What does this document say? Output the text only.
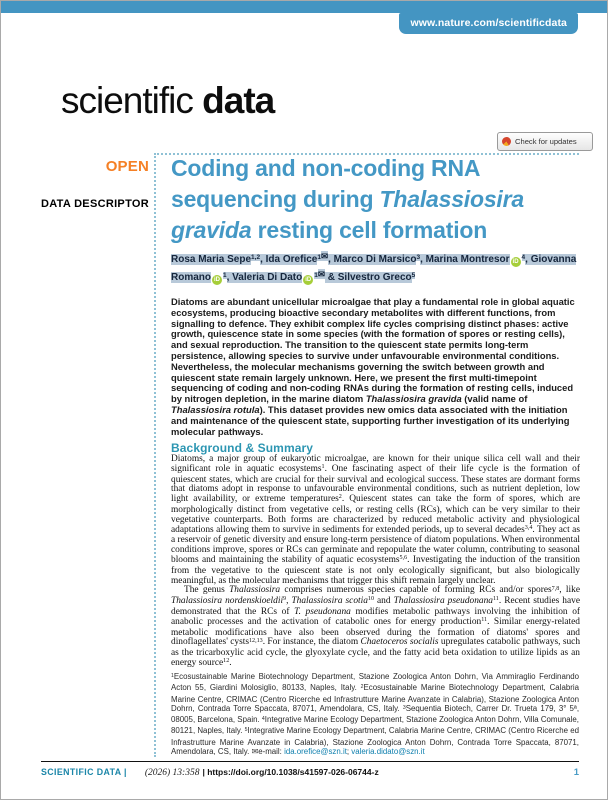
www.nature.com/scientificdata
scientific data
Check for updates
OPEN
DATA DESCRIPTOR
Coding and non-coding RNA sequencing during Thalassiosira gravida resting cell formation
Rosa Maria Sepe$^{1,2}$, Ida Orefice$^{1✉}$, Marco Di Marsico$^3$, Marina Montresor $iD^4$, Giovanna Romano $iD^1$, Valeria Di Dato $iD^{1✉}$ & Silvestro Greco$^5$
Diatoms are abundant unicellular microalgae that play a fundamental role in global aquatic ecosystems, producing bioactive secondary metabolites with different functions, from signalling to defence. They exhibit complex life cycles comprising distinct phases: active growth, quiescence state in some species (with the formation of spores or resting cells), and sexual reproduction. The transition to the quiescent state permits long-term persistence, allowing species to survive under unfavourable environmental conditions. Nevertheless, the molecular mechanisms governing the switch between growth and quiescent state remain largely unknown. Here, we present the first multi-timepoint sequencing of coding and non-coding RNAs during the formation of resting cells, induced by nitrogen depletion, in the marine diatom Thalassiosira gravida (valid name of Thalassiosira rotula). This dataset provides new omics data associated with the initiation and maintenance of the quiescent state, supporting further investigation of its underlying molecular pathways.
Background & Summary

Diatoms, a major group of eukaryotic microalgae, are known for their unique silica cell wall and their significant role in aquatic ecosystems$^1$. One fascinating aspect of their life cycle is the formation of quiescent states, which are crucial for their survival and ecological success. These states are dormant forms that diatoms adopt in response to unfavourable environmental conditions, such as nutrient depletion, low light availability, or extreme temperatures$^2$. Quiescent states can take the form of spores, which are morphologically distinct from vegetative cells, or resting cells (RCs), which can be very similar to their vegetative counterparts. Both forms are characterized by reduced metabolic activity and physiological adaptations allowing them to survive in sediments for extended periods, up to several decades$^{3,4}$. They act as a reservoir of genetic diversity and ensure long-term persistence of diatom populations. When environmental conditions improve, spores or RCs can germinate and repopulate the water column, contributing to seasonal blooms and maintaining the stability of aquatic ecosystems$^{5,6}$. Investigating the induction of the transition from the vegetative to the quiescent state is not only ecologically significant, but also biologically meaningful, as the molecular mechanisms that trigger this shift remain largely unclear.

The genus Thalassiosira comprises numerous species capable of forming RCs and/or spores$^{7,8}$, like Thalassiosira nordenskioeldii$^9$, Thalassiosira scotia$^{10}$ and Thalassiosira pseudonana$^{11}$. Recent studies have demonstrated that the RCs of T. pseudonana modifies metabolic pathways involving the inhibition of anabolic processes and the activation of catabolic ones for energy production$^{11}$. Similar energy-related metabolic modifications have also been observed during the formation of diatoms' spores and dinoflagellates' cysts$^{12,13}$. For instance, the diatom Chaetoceros socialis upregulates catabolic pathways, such as the tricarboxylic acid cycle, the glyoxylate cycle, and the fatty acid beta oxidation to utilize lipids as an energy source$^{12}$.

$^1$Ecosustainable Marine Biotechnology Department, Stazione Zoologica Anton Dohrn, Via Ammiraglio Ferdinando Acton 55, Giardini Molosiglio, 80133, Naples, Italy. $^2$Ecosustainable Marine Biotechnology Department, Calabria Marine Centre, CRIMAC (Centro Ricerche ed Infrastrutture Marine Avanzate in Calabria), Stazione Zoologica Anton Dohrn, Contrada Torre Spaccata, 87071, Amendolara, CS, Italy. $^3$Sequentia Biotech, Carrer Dr. Trueta 179, 3° 5ª, 08005, Barcelona, Spain. $^4$Integrative Marine Ecology Department, Stazione Zoologica Anton Dohrn, Villa Comunale, 80121, Naples, Italy. $^5$Integrative Marine Ecology Department, Calabria Marine Centre, CRIMAC (Centro Ricerche ed Infrastrutture Marine Avanzate in Calabria), Stazione Zoologica Anton Dohrn, Contrada Torre Spaccata, 87071, Amendolara, CS, Italy. ✉e-mail: ida.orefice@szn.it; valeria.didato@szn.it
SCIENTIFIC DATA | (2026) 13:358 | https://doi.org/10.1038/s41597-026-06744-z	1
